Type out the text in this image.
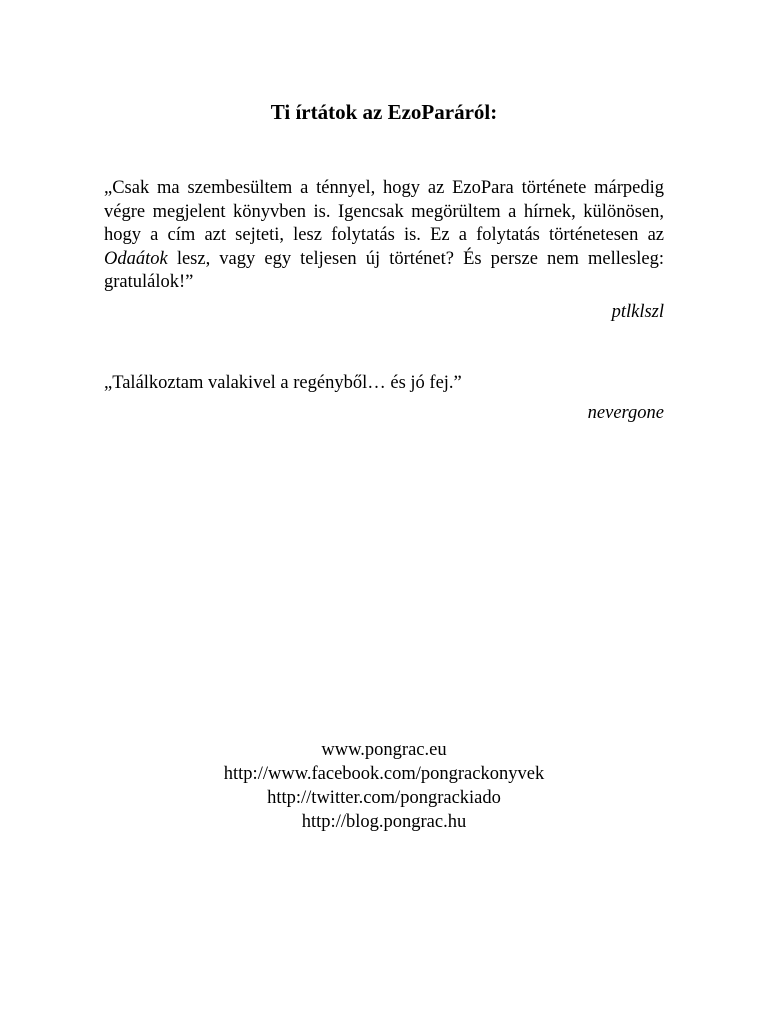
Ti írtátok az EzoParáról:

„Csak ma szembesültem a ténnyel, hogy az EzoPara története márpedig végre megjelent könyvben is. Igencsak megörültem a hírnek, különösen, hogy a cím azt sejteti, lesz folytatás is. Ez a folytatás történetesen az Odaátok lesz, vagy egy teljesen új történet? És persze nem mellesleg: gratulálok!”

ptlklszl

„Találkoztam valakivel a regényből… és jó fej.”

nevergone

www.pongrac.eu
http://www.facebook.com/pongrackonyvek
http://twitter.com/pongrackiado
http://blog.pongrac.hu
